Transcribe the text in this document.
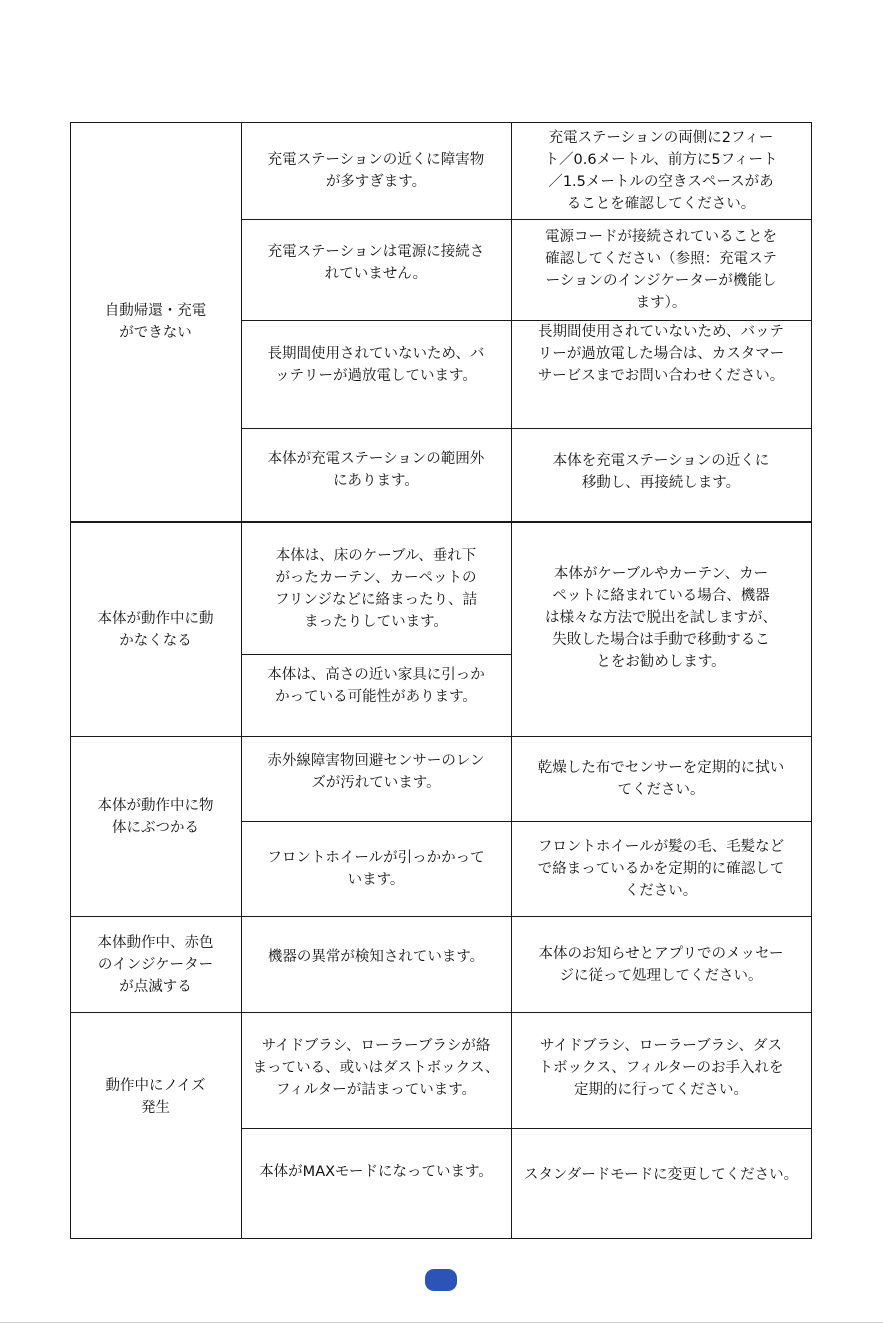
自動帰還・充電
ができない
充電ステーションの近くに障害物
が多すぎます。
充電ステーションの両側に2フィー
ト／0.6メートル、前方に5フィート
／1.5メートルの空きスペースがあ
ることを確認してください。
充電ステーションは電源に接続さ
れていません。
電源コードが接続されていることを
確認してください（参照：充電ステ
ーションのインジケーターが機能し
ます）。
長期間使用されていないため、バ
ッテリーが過放電しています。
長期間使用されていないため、バッテ
リーが過放電した場合は、カスタマー
サービスまでお問い合わせください。
本体が充電ステーションの範囲外
にあります。
本体を充電ステーションの近くに
移動し、再接続します。
本体が動作中に動
かなくなる
本体は、床のケーブル、垂れ下
がったカーテン、カーペットの
フリンジなどに絡まったり、詰
まったりしています。
本体は、高さの近い家具に引っか
かっている可能性があります。
本体がケーブルやカーテン、カー
ペットに絡まれている場合、機器
は様々な方法で脱出を試しますが、
失敗した場合は手動で移動するこ
とをお勧めします。
本体が動作中に物
体にぶつかる
赤外線障害物回避センサーのレン
ズが汚れています。
乾燥した布でセンサーを定期的に拭い
てください。
フロントホイールが引っかかって
います。
フロントホイールが髪の毛、毛髪など
で絡まっているかを定期的に確認して
ください。
本体動作中、赤色
のインジケーター
が点滅する
機器の異常が検知されています。	本体のお知らせとアプリでのメッセー
ジに従って処理してください。
動作中にノイズ
発生
サイドブラシ、ローラーブラシが絡
まっている、或いはダストボックス、
フィルターが詰まっています。
サイドブラシ、ローラーブラシ、ダス
トボックス、フィルターのお手入れを
定期的に行ってください。
本体がMAXモードになっています。	スタンダードモードに変更してください。
